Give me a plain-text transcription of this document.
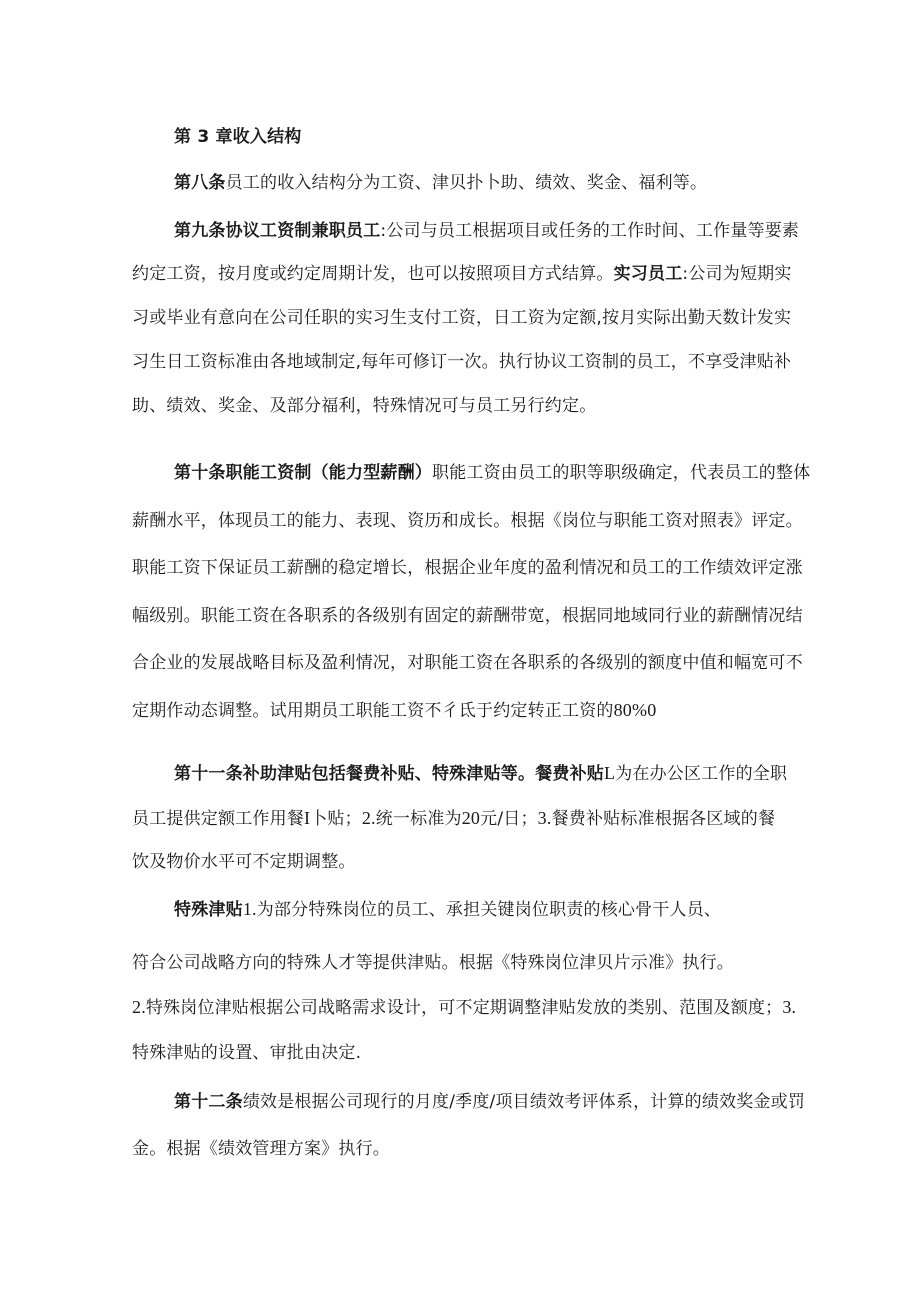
第 3 章收入结构
第八条员工的收入结构分为工资、津贝扑卜助、绩效、奖金、福利等。
第九条协议工资制兼职员工:公司与员工根据项目或任务的工作时间、工作量等要素
约定工资，按月度或约定周期计发，也可以按照项目方式结算。实习员工:公司为短期实
习或毕业有意向在公司任职的实习生支付工资，日工资为定额,按月实际出勤天数计发实
习生日工资标准由各地域制定,每年可修订一次。执行协议工资制的员工，不享受津贴补
助、绩效、奖金、及部分福利，特殊情况可与员工另行约定。
第十条职能工资制（能力型薪酬）职能工资由员工的职等职级确定，代表员工的整体
薪酬水平，体现员工的能力、表现、资历和成长。根据《岗位与职能工资对照表》评定。
职能工资下保证员工薪酬的稳定增长，根据企业年度的盈利情况和员工的工作绩效评定涨
幅级别。职能工资在各职系的各级别有固定的薪酬带宽，根据同地域同行业的薪酬情况结
合企业的发展战略目标及盈利情况，对职能工资在各职系的各级别的额度中值和幅宽可不
定期作动态调整。试用期员工职能工资不彳氐于约定转正工资的80%0
第十一条补助津贴包括餐费补贴、特殊津贴等。餐费补贴L为在办公区工作的全职
员工提供定额工作用餐I卜贴；2.统一标准为20元/日；3.餐费补贴标准根据各区域的餐
饮及物价水平可不定期调整。
特殊津贴1.为部分特殊岗位的员工、承担关键岗位职责的核心骨干人员、
符合公司战略方向的特殊人才等提供津贴。根据《特殊岗位津贝片示准》执行。
2.特殊岗位津贴根据公司战略需求设计，可不定期调整津贴发放的类别、范围及额度；3.
特殊津贴的设置、审批由决定.
第十二条绩效是根据公司现行的月度/季度/项目绩效考评体系，计算的绩效奖金或罚
金。根据《绩效管理方案》执行。
